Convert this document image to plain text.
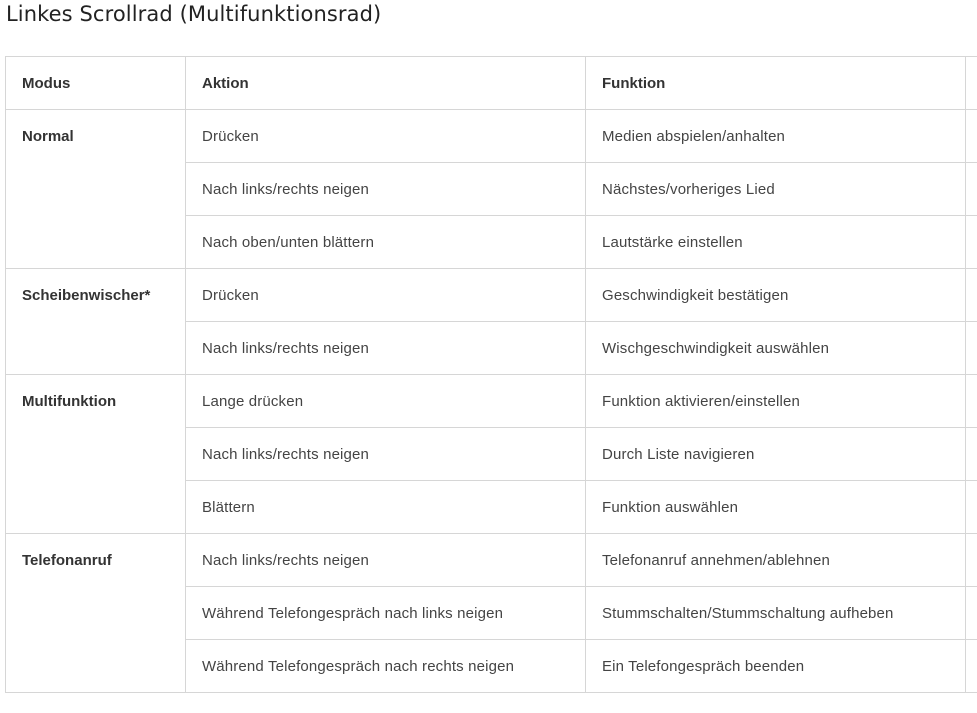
Linkes Scrollrad (Multifunktionsrad)
Modus	Aktion	Funktion	
Normal	Drücken	Medien abspielen/anhalten	
	Nach links/rechts neigen	Nächstes/vorheriges Lied	
	Nach oben/unten blättern	Lautstärke einstellen	
Scheibenwischer*	Drücken	Geschwindigkeit bestätigen	
	Nach links/rechts neigen	Wischgeschwindigkeit auswählen	
Multifunktion	Lange drücken	Funktion aktivieren/einstellen	
	Nach links/rechts neigen	Durch Liste navigieren	
	Blättern	Funktion auswählen	
Telefonanruf	Nach links/rechts neigen	Telefonanruf annehmen/ablehnen	
	Während Telefongespräch nach links neigen	Stummschalten/Stummschaltung aufheben	
	Während Telefongespräch nach rechts neigen	Ein Telefongespräch beenden	
